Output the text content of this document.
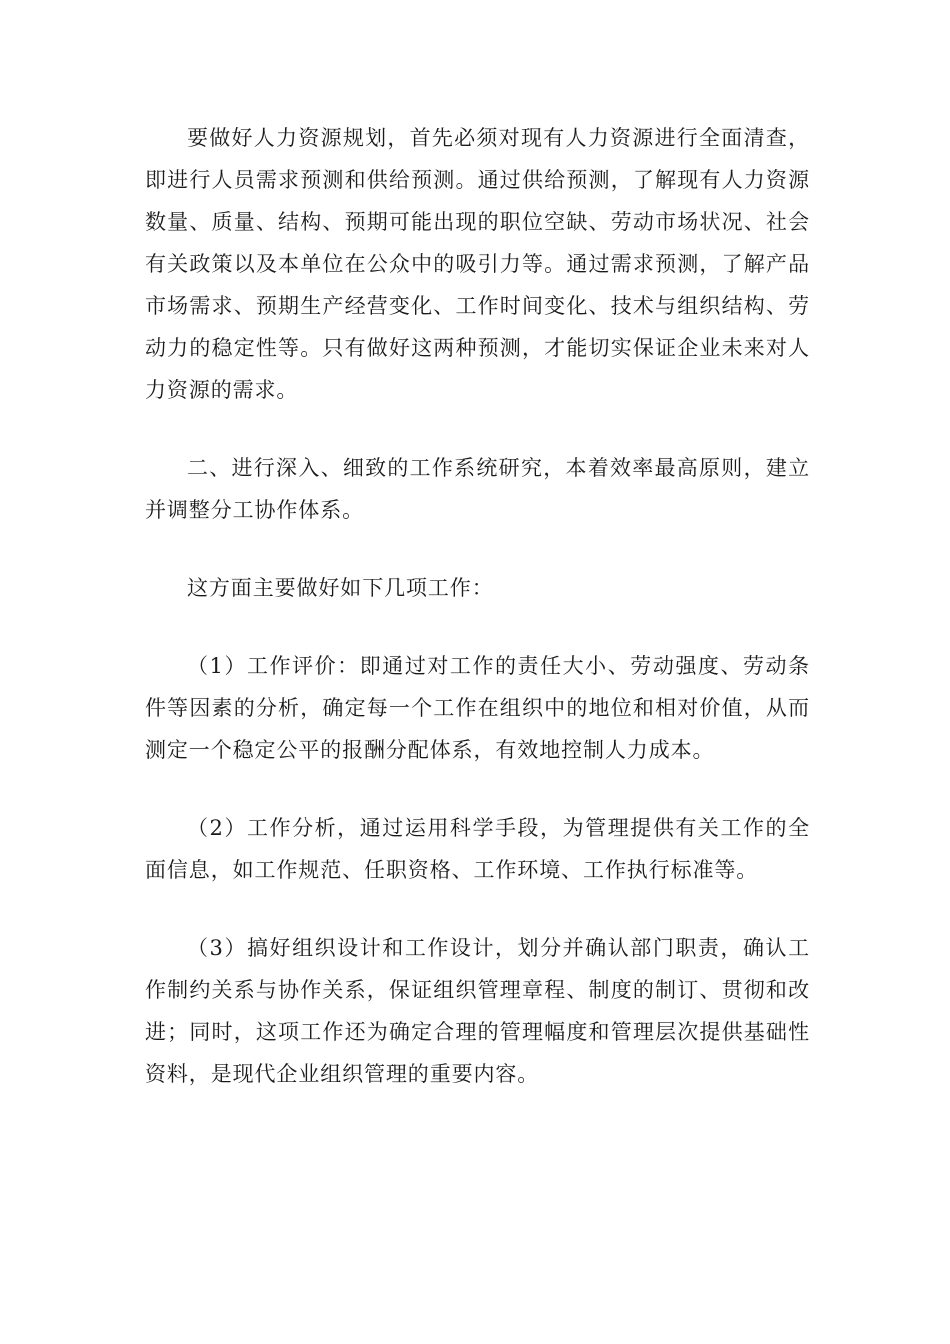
要做好人力资源规划，首先必须对现有人力资源进行全面清查，即进行人员需求预测和供给预测。通过供给预测，了解现有人力资源数量、质量、结构、预期可能出现的职位空缺、劳动市场状况、社会有关政策以及本单位在公众中的吸引力等。通过需求预测，了解产品市场需求、预期生产经营变化、工作时间变化、技术与组织结构、劳动力的稳定性等。只有做好这两种预测，才能切实保证企业未来对人力资源的需求。

二、进行深入、细致的工作系统研究，本着效率最高原则，建立并调整分工协作体系。

这方面主要做好如下几项工作：

（1）工作评价：即通过对工作的责任大小、劳动强度、劳动条件等因素的分析，确定每一个工作在组织中的地位和相对价值，从而测定一个稳定公平的报酬分配体系，有效地控制人力成本。

（2）工作分析，通过运用科学手段，为管理提供有关工作的全面信息，如工作规范、任职资格、工作环境、工作执行标准等。

（3）搞好组织设计和工作设计，划分并确认部门职责，确认工作制约关系与协作关系，保证组织管理章程、制度的制订、贯彻和改进；同时，这项工作还为确定合理的管理幅度和管理层次提供基础性资料，是现代企业组织管理的重要内容。
